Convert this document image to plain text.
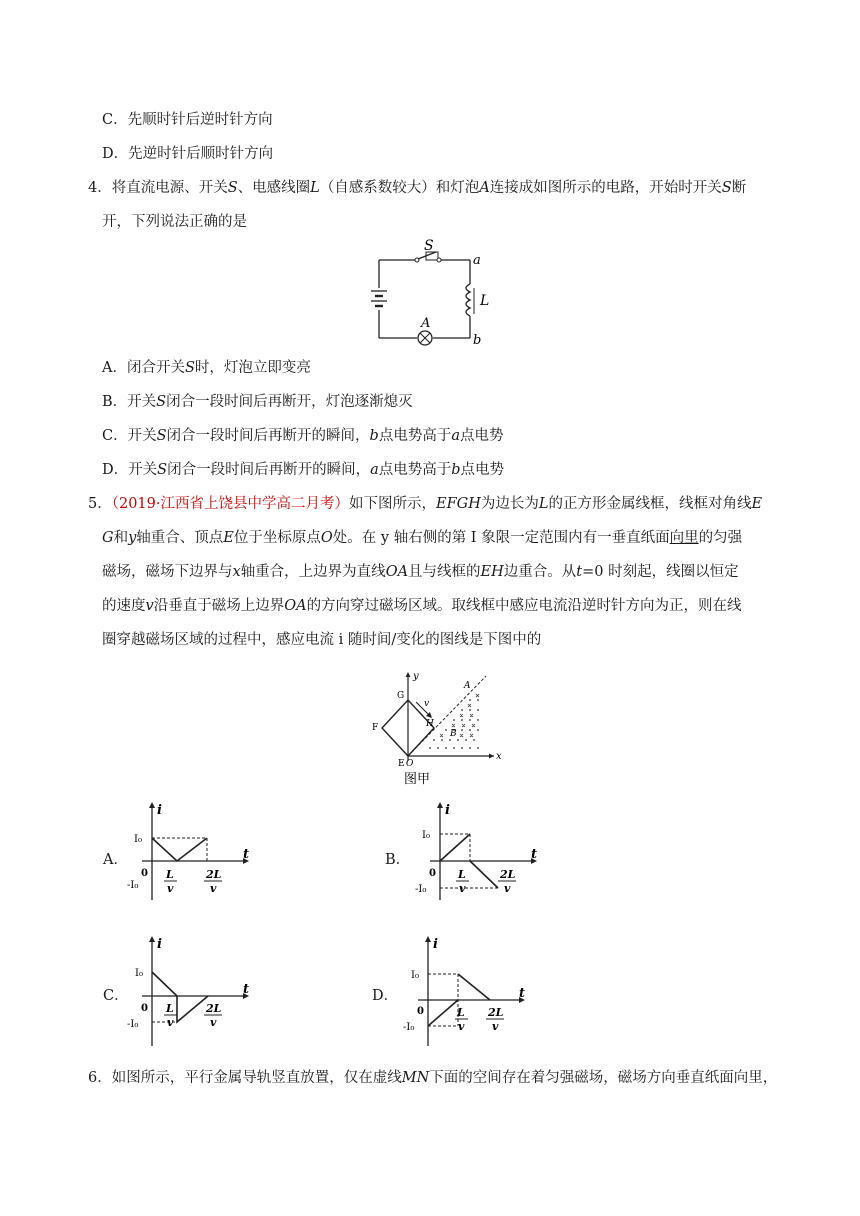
C．先顺时针后逆时针方向
D．先逆时针后顺时针方向
4．将直流电源、开关S、电感线圈L（自感系数较大）和灯泡A连接成如图所示的电路，开始时开关S断
开，下列说法正确的是
S
a
L
A
b
A．闭合开关S时，灯泡立即变亮
B．开关S闭合一段时间后再断开，灯泡逐渐熄灭
C．开关S闭合一段时间后再断开的瞬间，b点电势高于a点电势
D．开关S闭合一段时间后再断开的瞬间，a点电势高于b点电势
5．（2019·江西省上饶县中学高二月考）如下图所示，EFGH为边长为L的正方形金属线框，线框对角线E
G和y轴重合、顶点E位于坐标原点O处。在 y 轴右侧的第 I 象限一定范围内有一垂直纸面向里的匀强
磁场，磁场下边界与x轴重合，上边界为直线OA且与线框的EH边重合。从t=0 时刻起，线圈以恒定
的速度v沿垂直于磁场上边界OA的方向穿过磁场区域。取线框中感应电流沿逆时针方向为正，则在线
圈穿越磁场区域的过程中，感应电流 i 随时间/变化的图线是下图中的
y
x
G
F	H
v
A
B
E O
图甲
A．	B．
C．	D．
i
t
I₀
0
-I₀
L
v
2L
v
i
t
I₀
0
-I₀
L
v
2L
v
i
t
I₀
0
-I₀
L
v
2L
v
i
t
I₀
0
-I₀
L
v
2L
v
6．如图所示，平行金属导轨竖直放置，仅在虚线MN下面的空间存在着匀强磁场，磁场方向垂直纸面向里，
